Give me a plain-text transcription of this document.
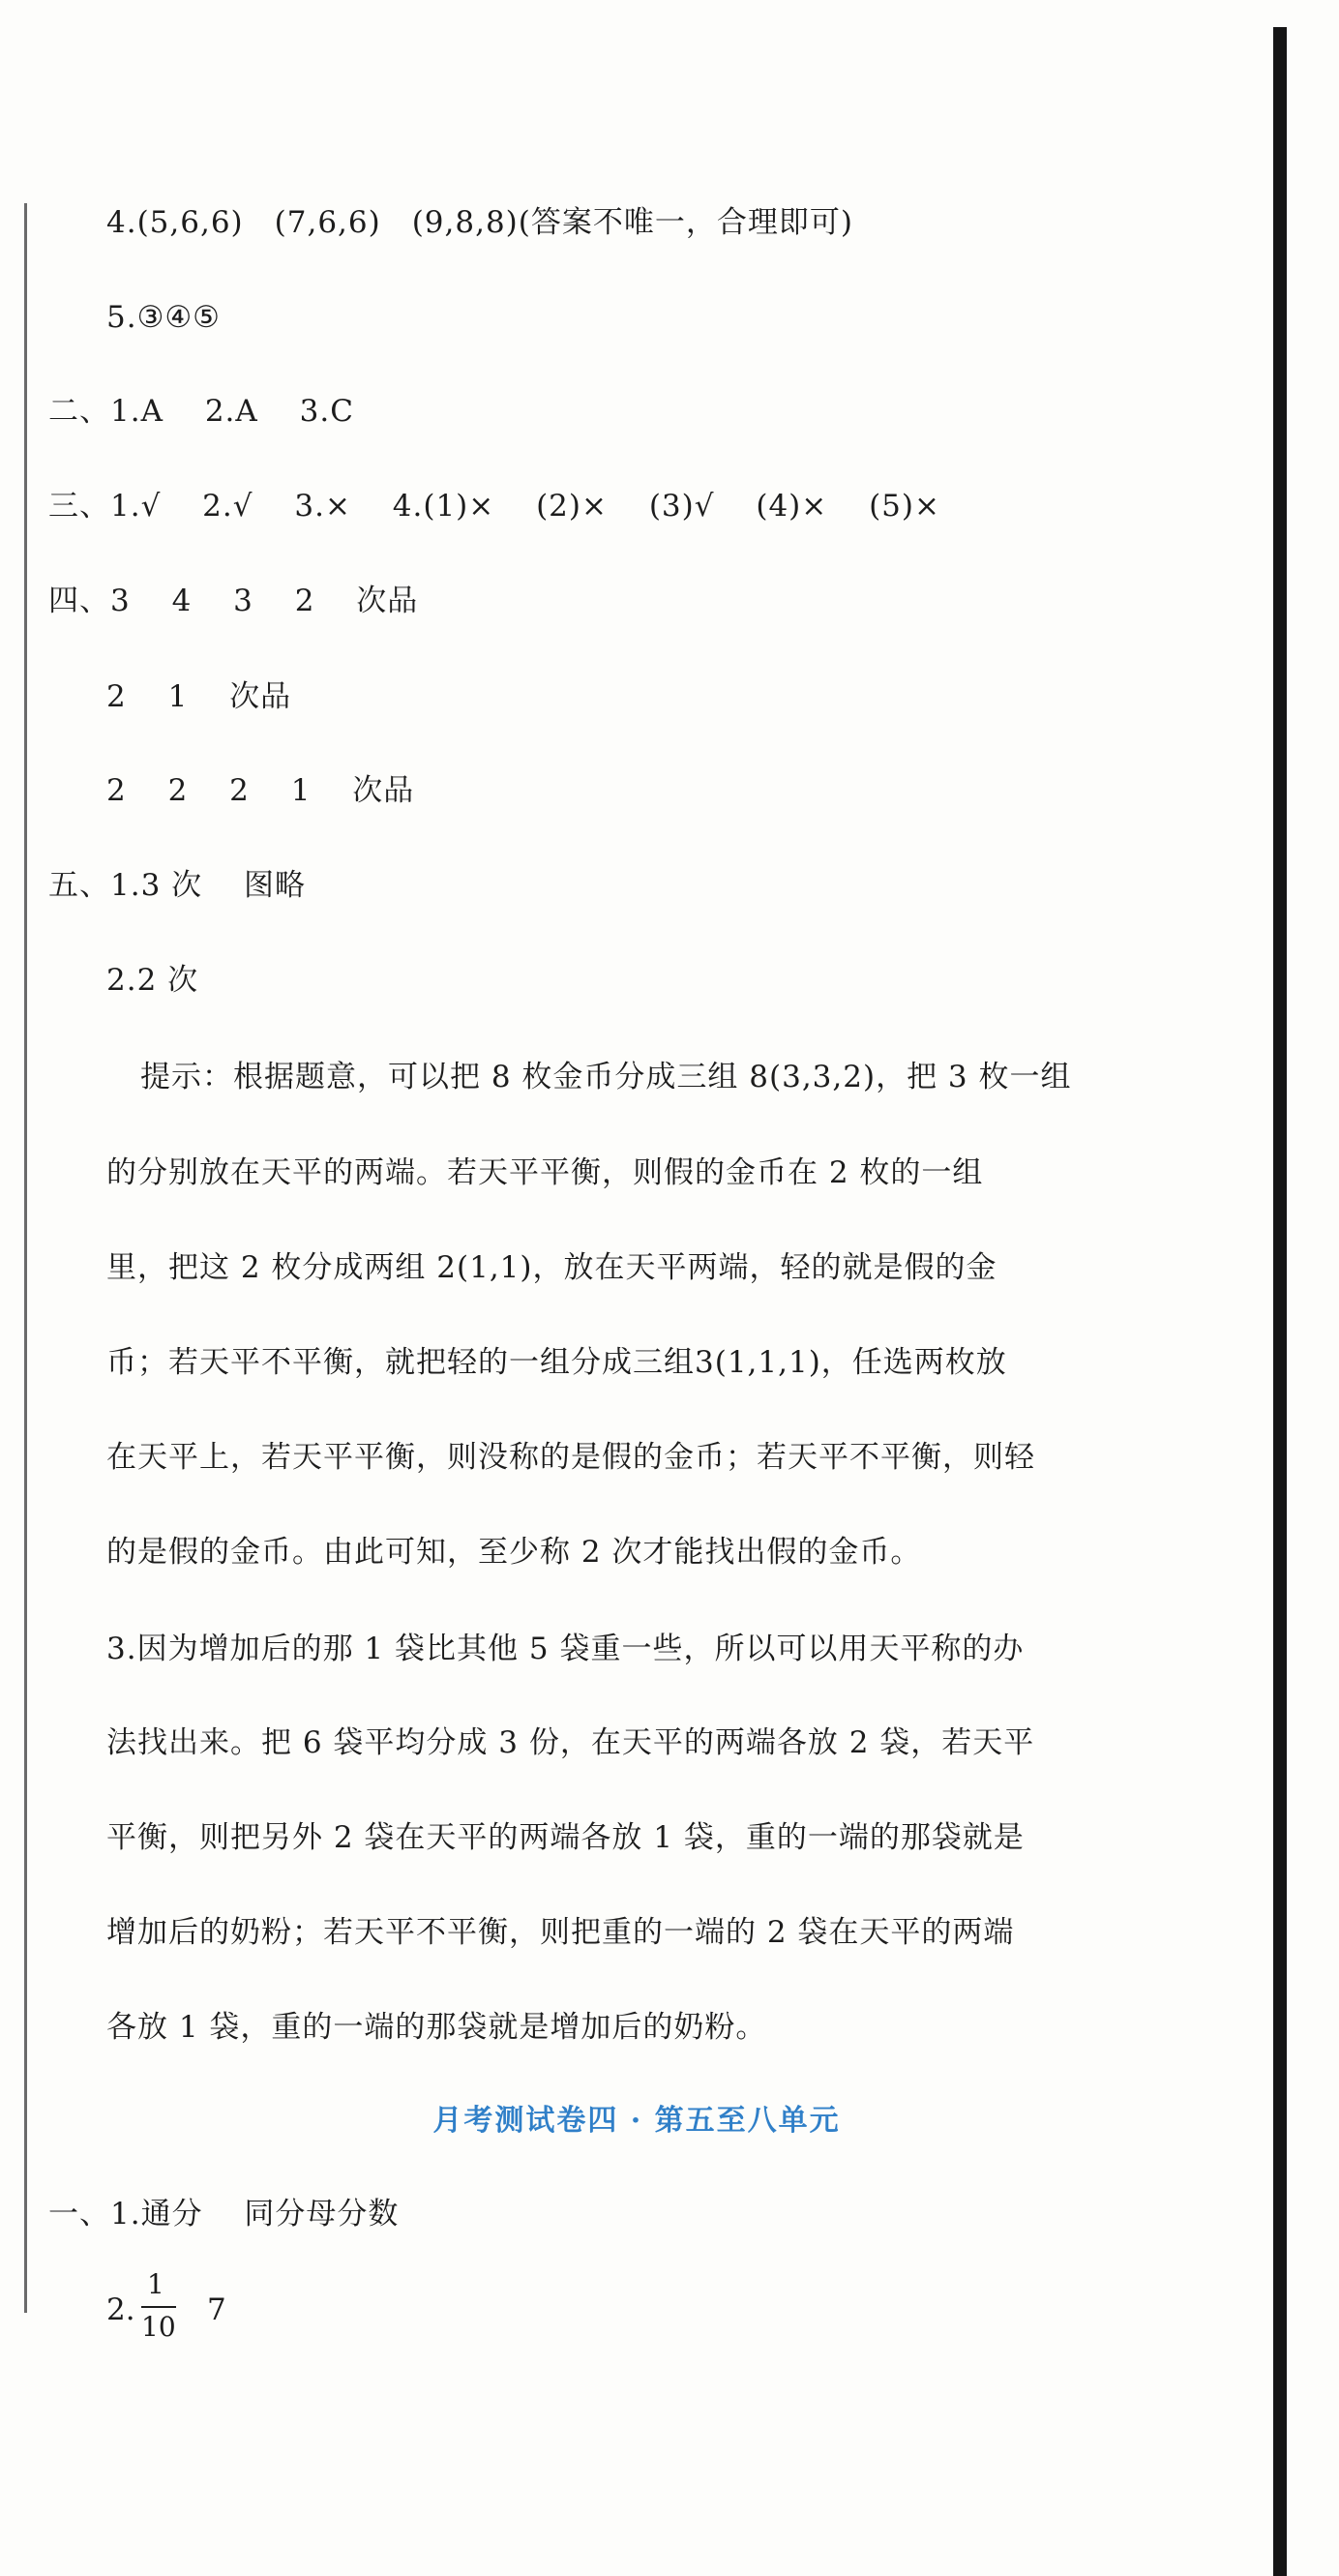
4.(5,6,6)　(7,6,6)　(9,8,8)(答案不唯一，合理即可)
5.③④⑤
二、1.A　 2.A　 3.C
三、1.√　 2.√　 3.×　 4.(1)×　 (2)×　 (3)√　 (4)×　 (5)×
四、3　 4　 3　 2　 次品
2　 1　 次品
2　 2　 2　 1　 次品
五、1.3 次　 图略
2.2 次
提示：根据题意，可以把 8 枚金币分成三组 8(3,3,2)，把 3 枚一组
的分别放在天平的两端。若天平平衡，则假的金币在 2 枚的一组
里，把这 2 枚分成两组 2(1,1)，放在天平两端，轻的就是假的金
币；若天平不平衡，就把轻的一组分成三组3(1,1,1)，任选两枚放
在天平上，若天平平衡，则没称的是假的金币；若天平不平衡，则轻
的是假的金币。由此可知，至少称 2 次才能找出假的金币。
3.因为增加后的那 1 袋比其他 5 袋重一些，所以可以用天平称的办
法找出来。把 6 袋平均分成 3 份，在天平的两端各放 2 袋，若天平
平衡，则把另外 2 袋在天平的两端各放 1 袋，重的一端的那袋就是
增加后的奶粉；若天平不平衡，则把重的一端的 2 袋在天平的两端
各放 1 袋，重的一端的那袋就是增加后的奶粉。
月考测试卷四 · 第五至八单元
一、1.通分　 同分母分数
2.
1
10 7
